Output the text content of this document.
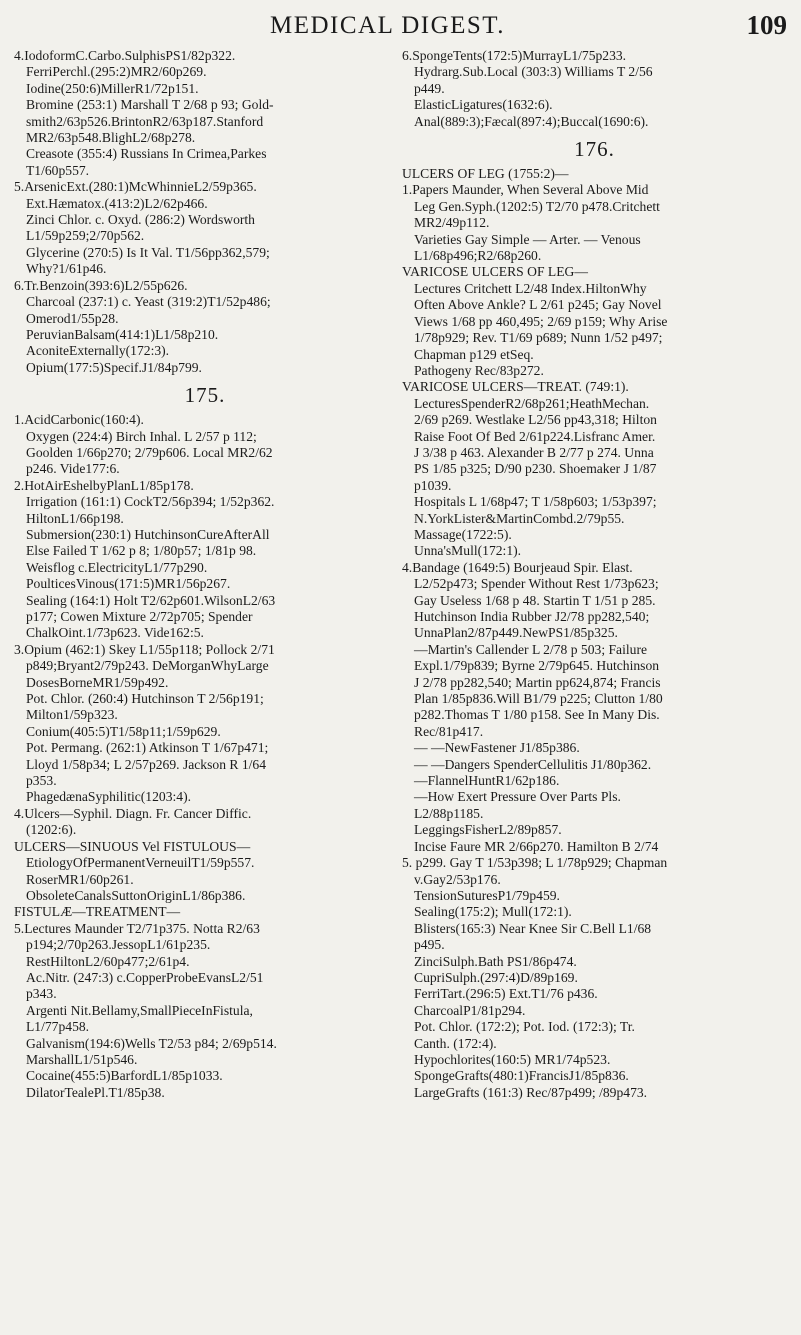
MEDICAL DIGEST.	109
4.IodoformC.Carbo.SulphisPS1/82p322.
FerriPerchl.(295:2)MR2/60p269.
Iodine(250:6)MillerR1/72p151.
Bromine (253:1) Marshall T 2/68 p 93; Gold-
smith2/63p526.BrintonR2/63p187.Stanford
MR2/63p548.BlighL2/68p278.
Creasote (355:4) Russians In Crimea,Parkes
T1/60p557.
5.ArsenicExt.(280:1)McWhinnieL2/59p365.
Ext.Hæmatox.(413:2)L2/62p466.
Zinci Chlor. c. Oxyd. (286:2) Wordsworth
L1/59p259;2/70p562.
Glycerine (270:5) Is It Val. T1/56pp362,579;
Why?1/61p46.
6.Tr.Benzoin(393:6)L2/55p626.
Charcoal (237:1) c. Yeast (319:2)T1/52p486;
Omerod1/55p28.
PeruvianBalsam(414:1)L1/58p210.
AconiteExternally(172:3).
Opium(177:5)Specif.J1/84p799.
175.
1.AcidCarbonic(160:4).
Oxygen (224:4) Birch Inhal. L 2/57 p 112;
Goolden 1/66p270; 2/79p606. Local MR2/62
p246. Vide177:6.
2.HotAirEshelbyPlanL1/85p178.
Irrigation (161:1) CockT2/56p394; 1/52p362.
HiltonL1/66p198.
Submersion(230:1) HutchinsonCureAfterAll
Else Failed T 1/62 p 8; 1/80p57; 1/81p 98.
Weisflog c.ElectricityL1/77p290.
PoulticesVinous(171:5)MR1/56p267.
Sealing (164:1) Holt T2/62p601.WilsonL2/63
p177; Cowen Mixture 2/72p705; Spender
ChalkOint.1/73p623. Vide162:5.
3.Opium (462:1) Skey L1/55p118; Pollock 2/71
p849;Bryant2/79p243. DeMorganWhyLarge
DosesBorneMR1/59p492.
Pot. Chlor. (260:4) Hutchinson T 2/56p191;
Milton1/59p323.
Conium(405:5)T1/58p11;1/59p629.
Pot. Permang. (262:1) Atkinson T 1/67p471;
Lloyd 1/58p34; L 2/57p269. Jackson R 1/64
p353.
PhagedænaSyphilitic(1203:4).
4.Ulcers—Syphil. Diagn. Fr. Cancer Diffic.
(1202:6).
ULCERS—SINUOUS Vel FISTULOUS—
EtiologyOfPermanentVerneuilT1/59p557.
RoserMR1/60p261.
ObsoleteCanalsSuttonOriginL1/86p386.
FISTULÆ—TREATMENT—
5.Lectures Maunder T2/71p375. Notta R2/63
p194;2/70p263.JessopL1/61p235.
RestHiltonL2/60p477;2/61p4.
Ac.Nitr. (247:3) c.CopperProbeEvansL2/51
p343.
Argenti Nit.Bellamy,SmallPieceInFistula,
L1/77p458.
Galvanism(194:6)Wells T2/53 p84; 2/69p514.
MarshallL1/51p546.
Cocaine(455:5)BarfordL1/85p1033.
DilatorTealePl.T1/85p38.
6.SpongeTents(172:5)MurrayL1/75p233.
Hydrarg.Sub.Local (303:3) Williams T 2/56
p449.
ElasticLigatures(1632:6).
Anal(889:3);Fæcal(897:4);Buccal(1690:6).
176.
ULCERS OF LEG (1755:2)—
1.Papers Maunder, When Several Above Mid
Leg Gen.Syph.(1202:5) T2/70 p478.Critchett
MR2/49p112.
Varieties Gay Simple — Arter. — Venous
L1/68p496;R2/68p260.
VARICOSE ULCERS OF LEG—
Lectures Critchett L2/48 Index.HiltonWhy
Often Above Ankle? L 2/61 p245; Gay Novel
Views 1/68 pp 460,495; 2/69 p159; Why Arise
1/78p929; Rev. T1/69 p689; Nunn 1/52 p497;
Chapman p129 etSeq.
Pathogeny Rec/83p272.
VARICOSE ULCERS—TREAT. (749:1).
LecturesSpenderR2/68p261;HeathMechan.
2/69 p269. Westlake L2/56 pp43,318; Hilton
Raise Foot Of Bed 2/61p224.Lisfranc Amer.
J 3/38 p 463. Alexander B 2/77 p 274. Unna
PS 1/85 p325; D/90 p230. Shoemaker J 1/87
p1039.
Hospitals L 1/68p47; T 1/58p603; 1/53p397;
N.YorkLister&MartinCombd.2/79p55.
Massage(1722:5).
Unna'sMull(172:1).
4.Bandage (1649:5) Bourjeaud Spir. Elast.
L2/52p473; Spender Without Rest 1/73p623;
Gay Useless 1/68 p 48. Startin T 1/51 p 285.
Hutchinson India Rubber J2/78 pp282,540;
UnnaPlan2/87p449.NewPS1/85p325.
—Martin's Callender L 2/78 p 503; Failure
Expl.1/79p839; Byrne 2/79p645. Hutchinson
J 2/78 pp282,540; Martin pp624,874; Francis
Plan 1/85p836.Will B1/79 p225; Clutton 1/80
p282.Thomas T 1/80 p158. See In Many Dis.
Rec/81p417.
— —NewFastener J1/85p386.
— —Dangers SpenderCellulitis J1/80p362.
—FlannelHuntR1/62p186.
—How Exert Pressure Over Parts Pls.
L2/88p1185.
LeggingsFisherL2/89p857.
Incise Faure MR 2/66p270. Hamilton B 2/74
5. p299. Gay T 1/53p398; L 1/78p929; Chapman
v.Gay2/53p176.
TensionSuturesP1/79p459.
Sealing(175:2); Mull(172:1).
Blisters(165:3) Near Knee Sir C.Bell L1/68
p495.
ZinciSulph.Bath PS1/86p474.
CupriSulph.(297:4)D/89p169.
FerriTart.(296:5) Ext.T1/76 p436.
CharcoalP1/81p294.
Pot. Chlor. (172:2); Pot. Iod. (172:3); Tr.
Canth. (172:4).
Hypochlorites(160:5) MR1/74p523.
SpongeGrafts(480:1)FrancisJ1/85p836.
LargeGrafts (161:3) Rec/87p499; /89p473.
